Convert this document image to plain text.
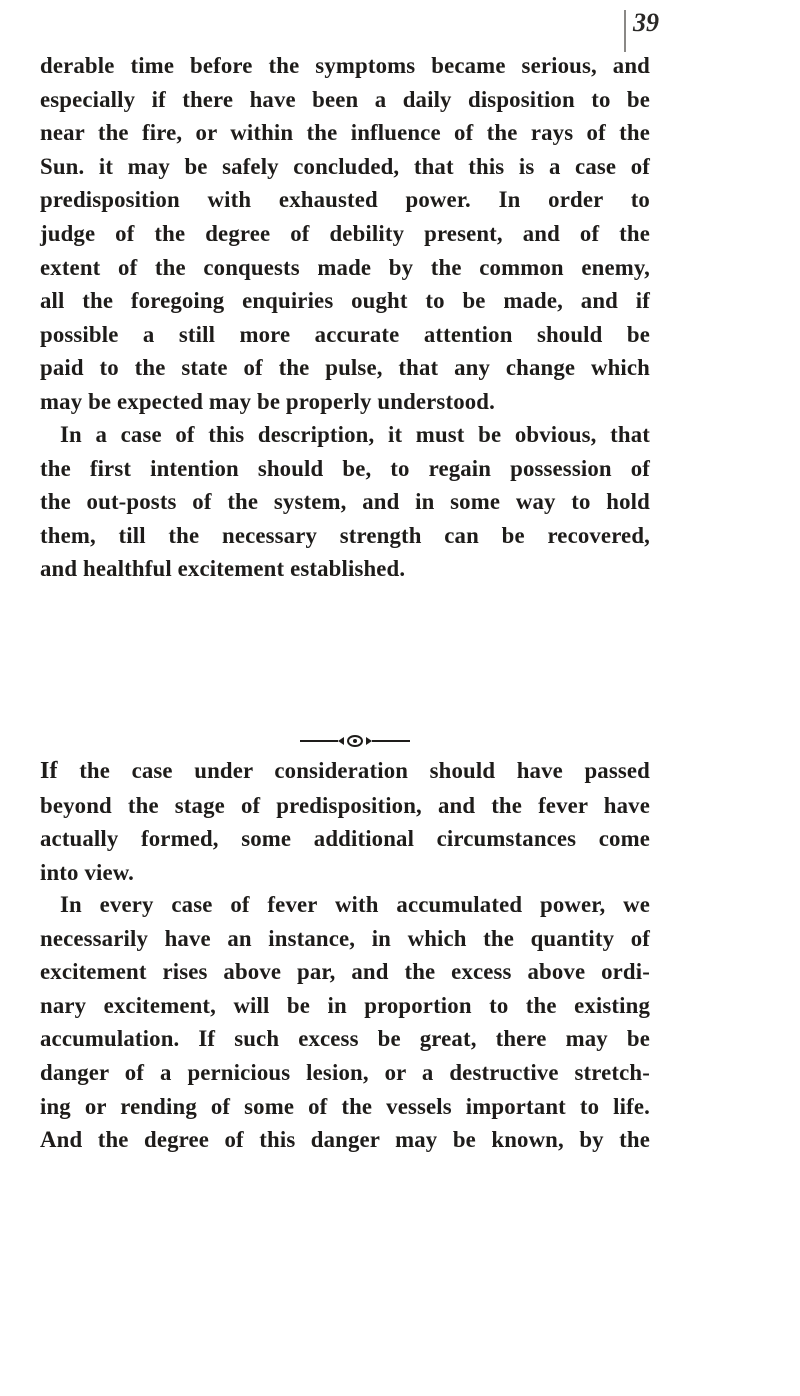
39
derable time before the symptoms became serious, and
especially if there have been a daily disposition to be
near the fire, or within the influence of the rays of the
Sun. it may be safely concluded, that this is a case of
predisposition with exhausted power. In order to
judge of the degree of debility present, and of the
extent of the conquests made by the common enemy,
all the foregoing enquiries ought to be made, and if
possible a still more accurate attention should be
paid to the state of the pulse, that any change which
may be expected may be properly understood.
In a case of this description, it must be obvious, that
the first intention should be, to regain possession of
the out-posts of the system, and in some way to hold
them, till the necessary strength can be recovered,
and healthful excitement established.
If the case under consideration should have passed
beyond the stage of predisposition, and the fever have
actually formed, some additional circumstances come
into view.
In every case of fever with accumulated power, we
necessarily have an instance, in which the quantity of
excitement rises above par, and the excess above ordi-
nary excitement, will be in proportion to the existing
accumulation. If such excess be great, there may be
danger of a pernicious lesion, or a destructive stretch-
ing or rending of some of the vessels important to life.
And the degree of this danger may be known, by the
